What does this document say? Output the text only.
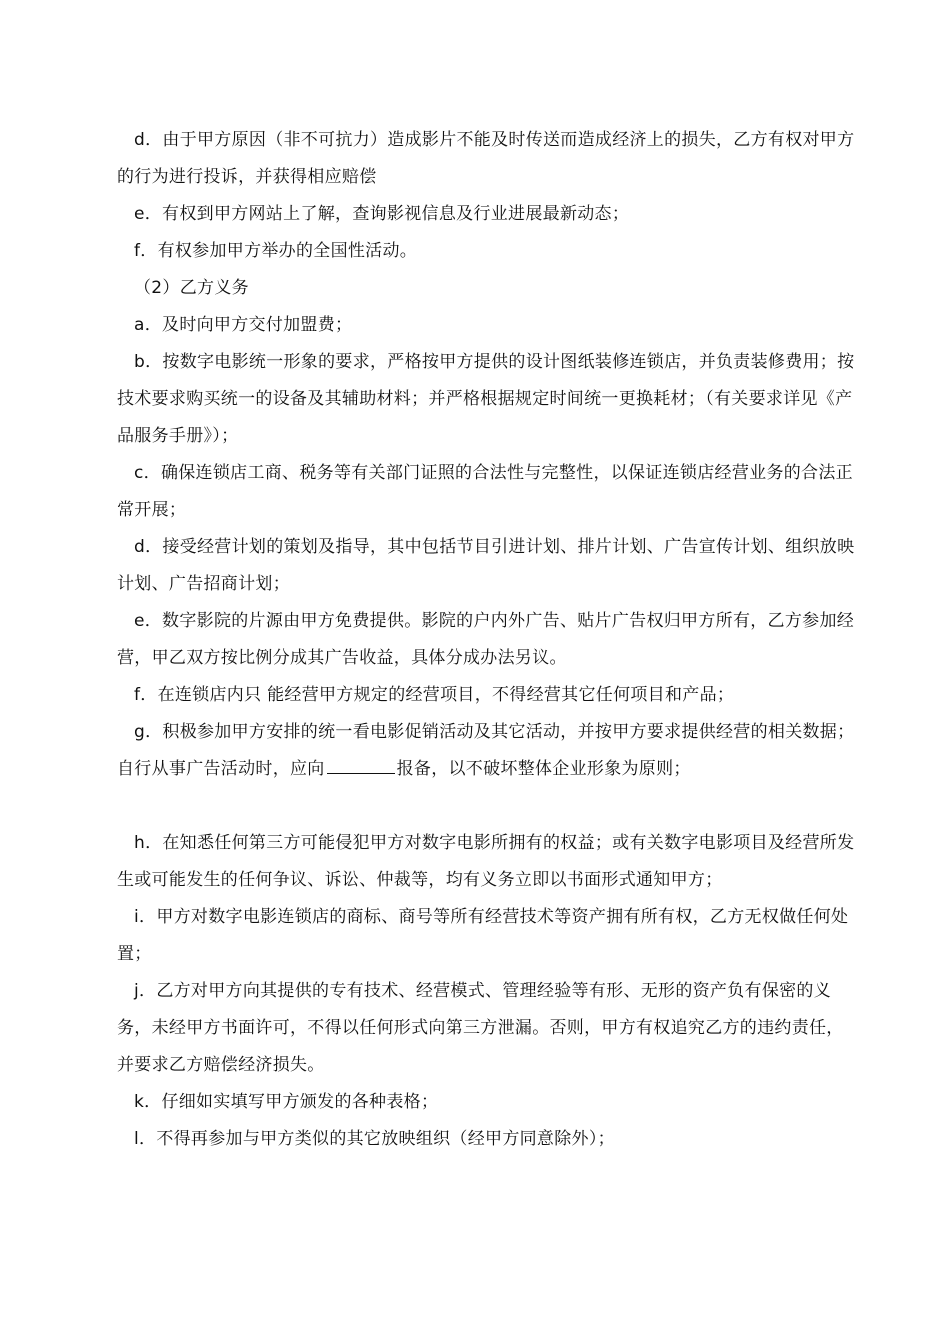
d．由于甲方原因（非不可抗力）造成影片不能及时传送而造成经济上的损失，乙方有权对甲方的行为进行投诉，并获得相应赔偿

e．有权到甲方网站上了解，查询影视信息及行业进展最新动态；

f．有权参加甲方举办的全国性活动。

（2）乙方义务

a．及时向甲方交付加盟费；

b．按数字电影统一形象的要求，严格按甲方提供的设计图纸装修连锁店，并负责装修费用；按技术要求购买统一的设备及其辅助材料；并严格根据规定时间统一更换耗材；（有关要求详见《产品服务手册》）；

c．确保连锁店工商、税务等有关部门证照的合法性与完整性，以保证连锁店经营业务的合法正常开展；

d．接受经营计划的策划及指导，其中包括节目引进计划、排片计划、广告宣传计划、组织放映计划、广告招商计划；

e．数字影院的片源由甲方免费提供。影院的户内外广告、贴片广告权归甲方所有，乙方参加经营，甲乙双方按比例分成其广告收益，具体分成办法另议。

f．在连锁店内只 能经营甲方规定的经营项目，不得经营其它任何项目和产品；

g．积极参加甲方安排的统一看电影促销活动及其它活动，并按甲方要求提供经营的相关数据；自行从事广告活动时，应向	报备，以不破坏整体企业形象为原则；

h．在知悉任何第三方可能侵犯甲方对数字电影所拥有的权益；或有关数字电影项目及经营所发生或可能发生的任何争议、诉讼、仲裁等，均有义务立即以书面形式通知甲方；

i．甲方对数字电影连锁店的商标、商号等所有经营技术等资产拥有所有权，乙方无权做任何处置；

j．乙方对甲方向其提供的专有技术、经营模式、管理经验等有形、无形的资产负有保密的义务，未经甲方书面许可，不得以任何形式向第三方泄漏。否则，甲方有权追究乙方的违约责任，并要求乙方赔偿经济损失。

k．仔细如实填写甲方颁发的各种表格；

l．不得再参加与甲方类似的其它放映组织（经甲方同意除外）；
